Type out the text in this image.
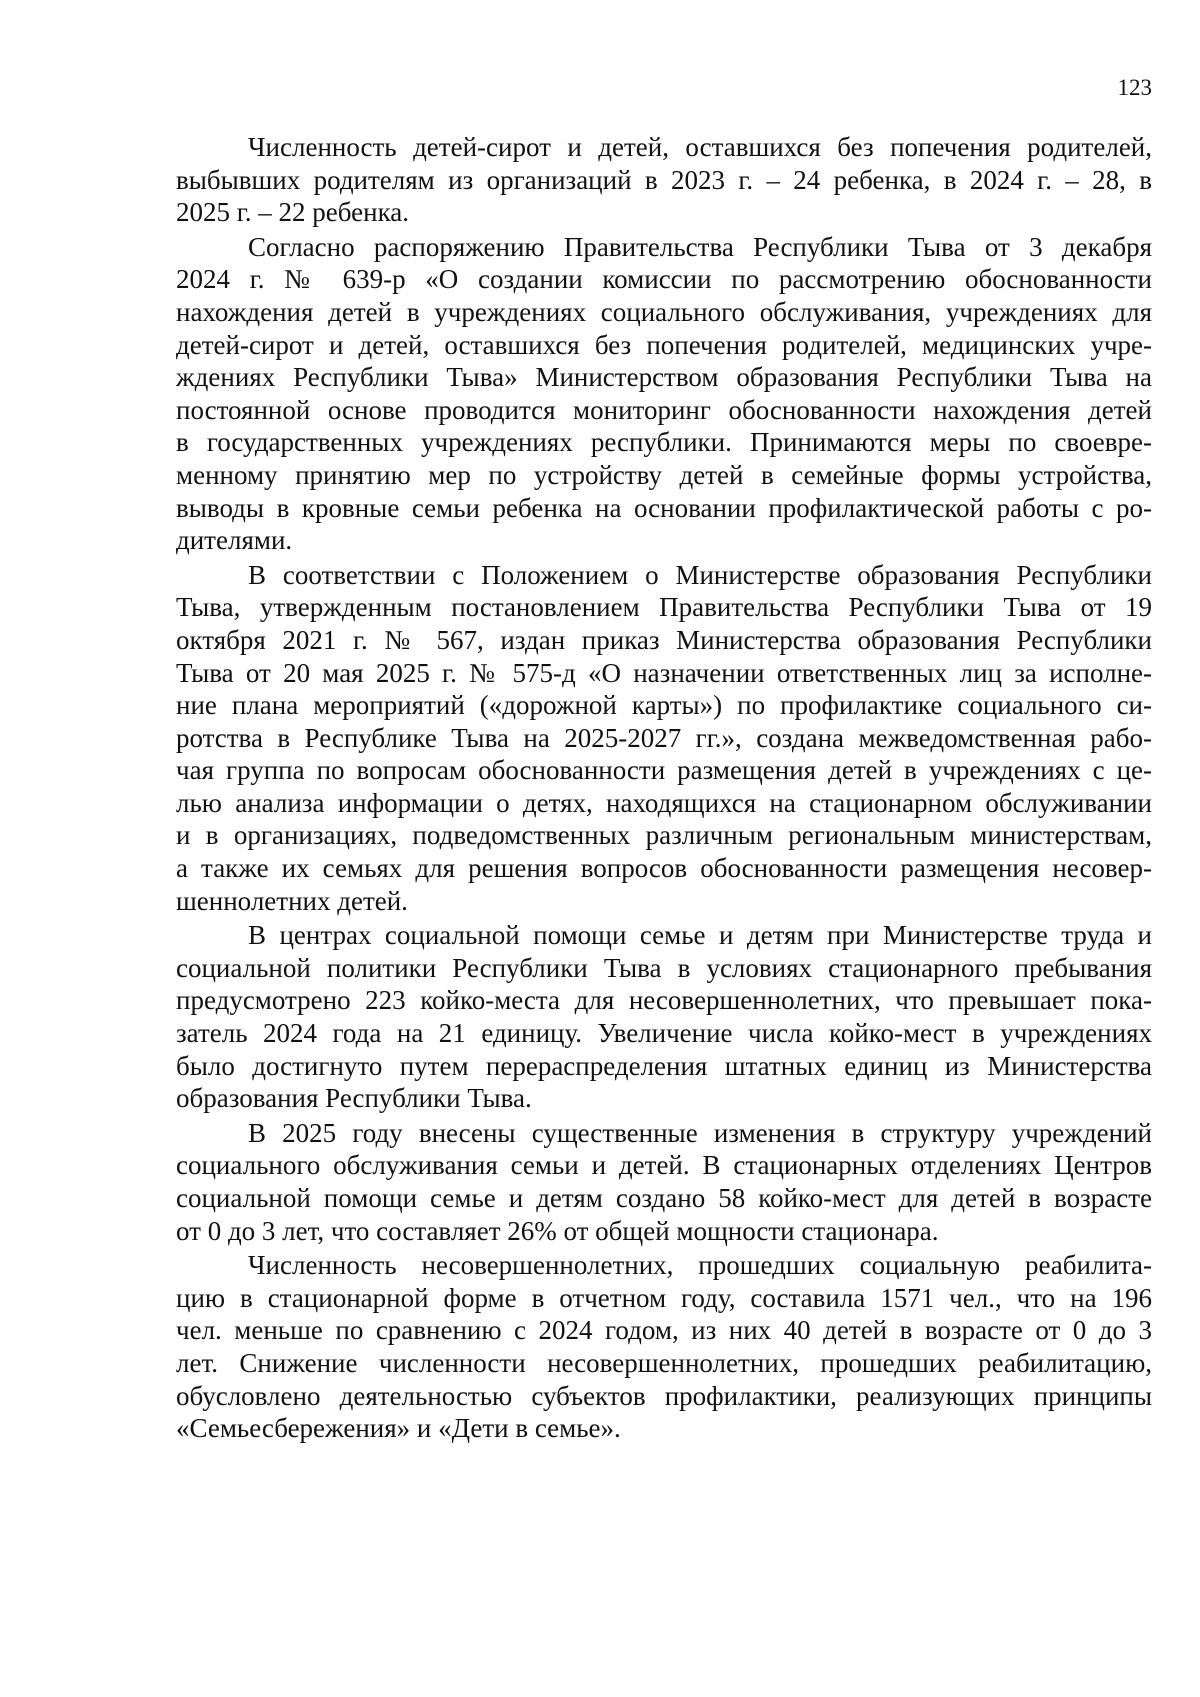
123
Численность детей-сирот и детей, оставшихся без попечения родителей,
выбывших родителям из организаций в 2023 г. – 24 ребенка, в 2024 г. – 28, в
2025 г. – 22 ребенка.
Согласно распоряжению Правительства Республики Тыва от 3 декабря
2024 г. № 639-р «О создании комиссии по рассмотрению обоснованности
нахождения детей в учреждениях социального обслуживания, учреждениях для
детей-сирот и детей, оставшихся без попечения родителей, медицинских учре-
ждениях Республики Тыва» Министерством образования Республики Тыва на
постоянной основе проводится мониторинг обоснованности нахождения детей
в государственных учреждениях республики. Принимаются меры по своевре-
менному принятию мер по устройству детей в семейные формы устройства,
выводы в кровные семьи ребенка на основании профилактической работы с ро-
дителями.
В соответствии с Положением о Министерстве образования Республики
Тыва, утвержденным постановлением Правительства Республики Тыва от 19
октября 2021 г. № 567, издан приказ Министерства образования Республики
Тыва от 20 мая 2025 г. № 575-д «О назначении ответственных лиц за исполне-
ние плана мероприятий («дорожной карты») по профилактике социального си-
ротства в Республике Тыва на 2025-2027 гг.», создана межведомственная рабо-
чая группа по вопросам обоснованности размещения детей в учреждениях с це-
лью анализа информации о детях, находящихся на стационарном обслуживании
и в организациях, подведомственных различным региональным министерствам,
а также их семьях для решения вопросов обоснованности размещения несовер-
шеннолетних детей.
В центрах социальной помощи семье и детям при Министерстве труда и
социальной политики Республики Тыва в условиях стационарного пребывания
предусмотрено 223 койко-места для несовершеннолетних, что превышает пока-
затель 2024 года на 21 единицу. Увеличение числа койко-мест в учреждениях
было достигнуто путем перераспределения штатных единиц из Министерства
образования Республики Тыва.
В 2025 году внесены существенные изменения в структуру учреждений
социального обслуживания семьи и детей. В стационарных отделениях Центров
социальной помощи семье и детям создано 58 койко-мест для детей в возрасте
от 0 до 3 лет, что составляет 26% от общей мощности стационара.
Численность несовершеннолетних, прошедших социальную реабилита-
цию в стационарной форме в отчетном году, составила 1571 чел., что на 196
чел. меньше по сравнению с 2024 годом, из них 40 детей в возрасте от 0 до 3
лет. Снижение численности несовершеннолетних, прошедших реабилитацию,
обусловлено деятельностью субъектов профилактики, реализующих принципы
«Семьесбережения» и «Дети в семье».
